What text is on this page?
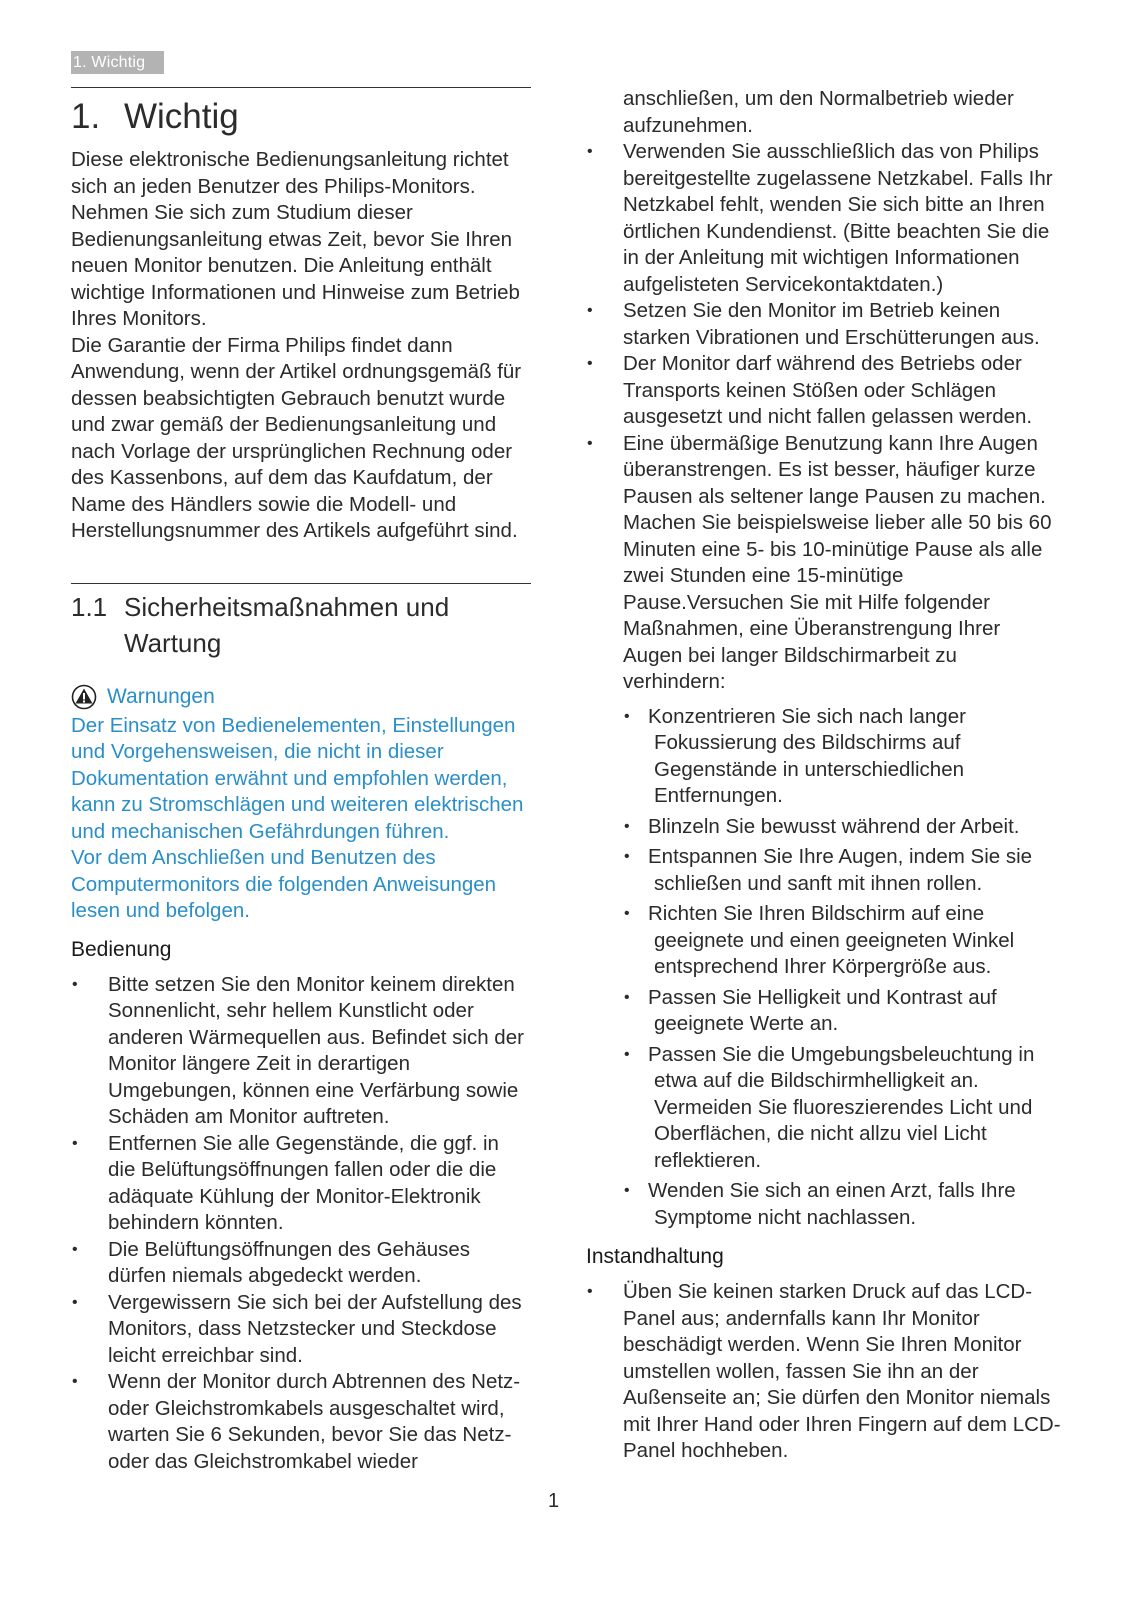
1. Wichtig
1. Wichtig

Diese elektronische Bedienungsanleitung richtet sich an jeden Benutzer des Philips-Monitors. Nehmen Sie sich zum Studium dieser Bedienungsanleitung etwas Zeit, bevor Sie Ihren neuen Monitor benutzen. Die Anleitung enthält wichtige Informationen und Hinweise zum Betrieb Ihres Monitors.

Die Garantie der Firma Philips findet dann Anwendung, wenn der Artikel ordnungsgemäß für dessen beabsichtigten Gebrauch benutzt wurde und zwar gemäß der Bedienungsanleitung und nach Vorlage der ursprünglichen Rechnung oder des Kassenbons, auf dem das Kaufdatum, der Name des Händlers sowie die Modell- und Herstellungsnummer des Artikels aufgeführt sind.

1.1 Sicherheitsmaßnahmen und Wartung
Warnungen

Der Einsatz von Bedienelementen, Einstellungen und Vorgehensweisen, die nicht in dieser Dokumentation erwähnt und empfohlen werden, kann zu Stromschlägen und weiteren elektrischen und mechanischen Gefährdungen führen.

Vor dem Anschließen und Benutzen des Computermonitors die folgenden Anweisungen lesen und befolgen.

Bedienung
• Bitte setzen Sie den Monitor keinem direkten Sonnenlicht, sehr hellem Kunstlicht oder anderen Wärmequellen aus. Befindet sich der Monitor längere Zeit in derartigen Umgebungen, können eine Verfärbung sowie Schäden am Monitor auftreten.
• Entfernen Sie alle Gegenstände, die ggf. in die Belüftungsöffnungen fallen oder die die adäquate Kühlung der Monitor-Elektronik behindern könnten.
• Die Belüftungsöffnungen des Gehäuses dürfen niemals abgedeckt werden.
• Vergewissern Sie sich bei der Aufstellung des Monitors, dass Netzstecker und Steckdose leicht erreichbar sind.
• Wenn der Monitor durch Abtrennen des Netz- oder Gleichstromkabels ausgeschaltet wird, warten Sie 6 Sekunden, bevor Sie das Netz- oder das Gleichstromkabel wieder
anschließen, um den Normalbetrieb wieder aufzunehmen.
• Verwenden Sie ausschließlich das von Philips bereitgestellte zugelassene Netzkabel. Falls Ihr Netzkabel fehlt, wenden Sie sich bitte an Ihren örtlichen Kundendienst. (Bitte beachten Sie die in der Anleitung mit wichtigen Informationen aufgelisteten Servicekontaktdaten.)
• Setzen Sie den Monitor im Betrieb keinen starken Vibrationen und Erschütterungen aus.
• Der Monitor darf während des Betriebs oder Transports keinen Stößen oder Schlägen ausgesetzt und nicht fallen gelassen werden.
• Eine übermäßige Benutzung kann Ihre Augen überanstrengen. Es ist besser, häufiger kurze Pausen als seltener lange Pausen zu machen. Machen Sie beispielsweise lieber alle 50 bis 60 Minuten eine 5- bis 10-minütige Pause als alle zwei Stunden eine 15-minütige Pause.Versuchen Sie mit Hilfe folgender Maßnahmen, eine Überanstrengung Ihrer Augen bei langer Bildschirmarbeit zu verhindern:
• Konzentrieren Sie sich nach langer Fokussierung des Bildschirms auf Gegenstände in unterschiedlichen Entfernungen.
• Blinzeln Sie bewusst während der Arbeit.
• Entspannen Sie Ihre Augen, indem Sie sie schließen und sanft mit ihnen rollen.
• Richten Sie Ihren Bildschirm auf eine geeignete und einen geeigneten Winkel entsprechend Ihrer Körpergröße aus.
• Passen Sie Helligkeit und Kontrast auf geeignete Werte an.
• Passen Sie die Umgebungsbeleuchtung in etwa auf die Bildschirmhelligkeit an. Vermeiden Sie fluoreszierendes Licht und Oberflächen, die nicht allzu viel Licht reflektieren.
• Wenden Sie sich an einen Arzt, falls Ihre Symptome nicht nachlassen.
Instandhaltung
• Üben Sie keinen starken Druck auf das LCD-Panel aus; andernfalls kann Ihr Monitor beschädigt werden. Wenn Sie Ihren Monitor umstellen wollen, fassen Sie ihn an der Außenseite an; Sie dürfen den Monitor niemals mit Ihrer Hand oder Ihren Fingern auf dem LCD-Panel hochheben.
1
